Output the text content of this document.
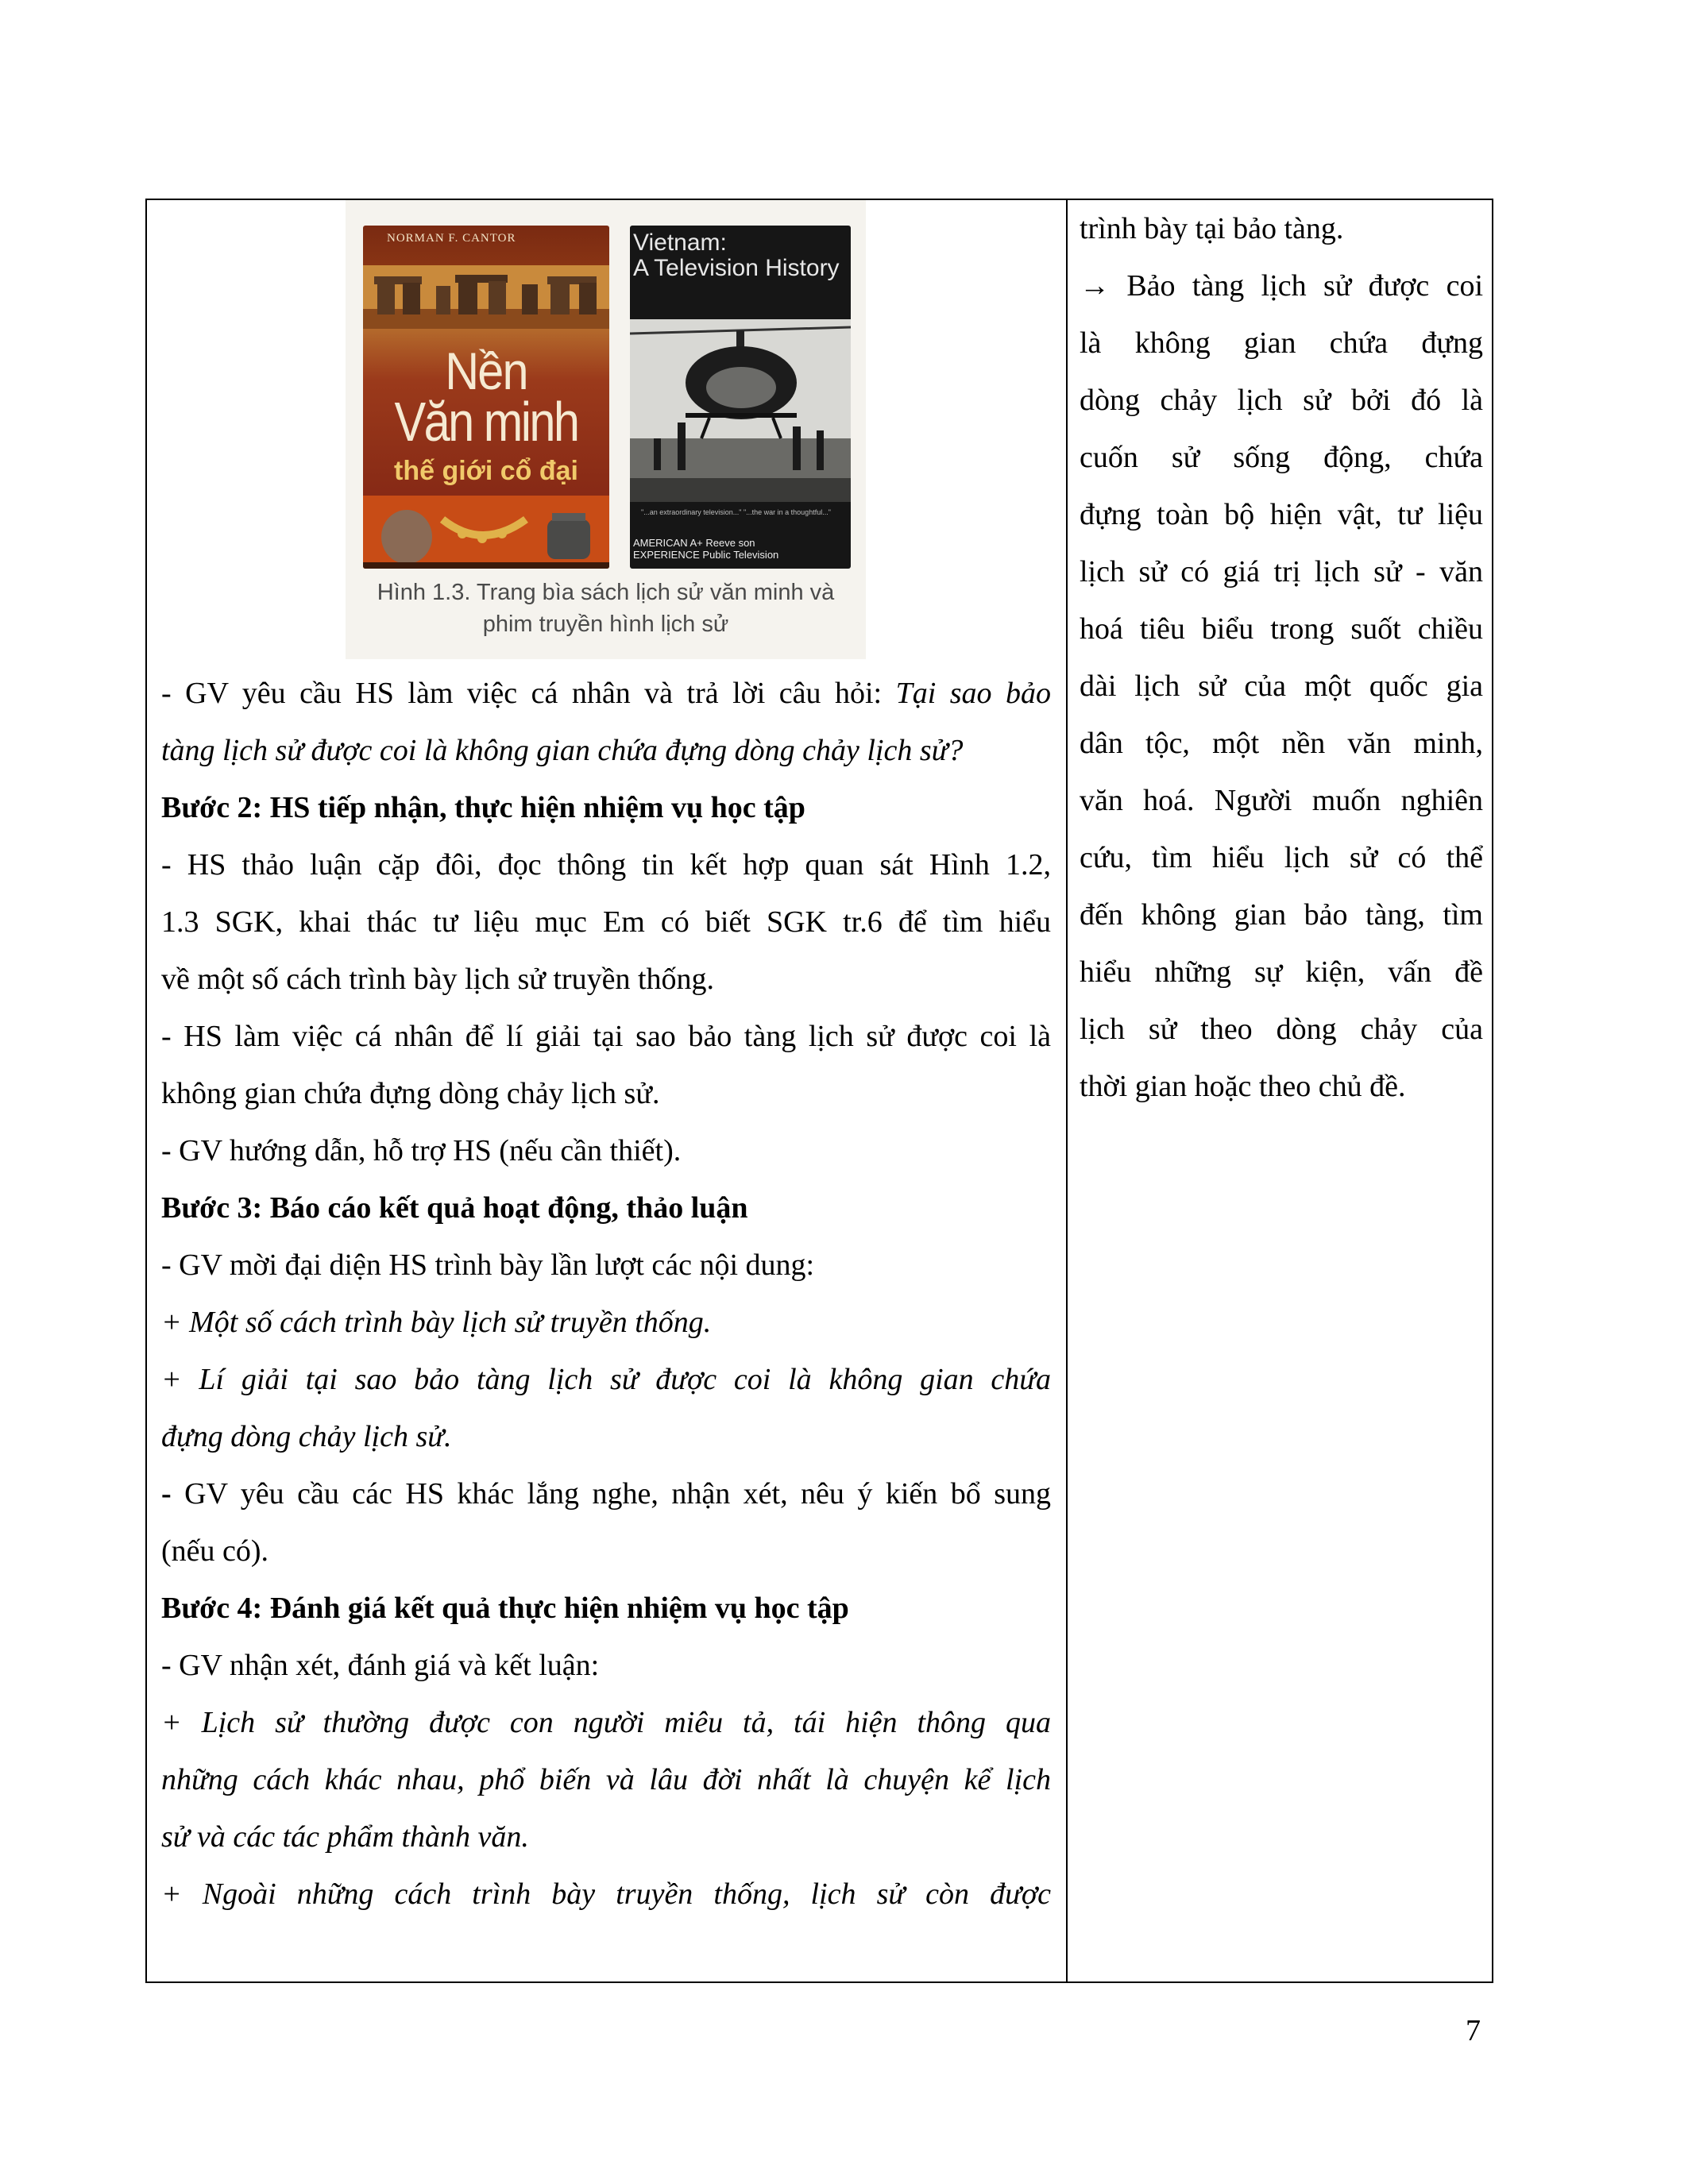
NORMAN F. CANTOR
Nền
Văn minh
thế giới cổ đại
Vietnam:
A Television History
"...an extraordinary television..." "...the war in a thoughtful..."
AMERICAN A+ Reeve son
EXPERIENCE Public Television
Hình 1.3. Trang bìa sách lịch sử văn minh và
phim truyền hình lịch sử

- GV yêu cầu HS làm việc cá nhân và trả lời câu hỏi: Tại sao bảo

tàng lịch sử được coi là không gian chứa đựng dòng chảy lịch sử?

Bước 2: HS tiếp nhận, thực hiện nhiệm vụ học tập

- HS thảo luận cặp đôi, đọc thông tin kết hợp quan sát Hình 1.2,

1.3 SGK, khai thác tư liệu mục Em có biết SGK tr.6 để tìm hiểu

về một số cách trình bày lịch sử truyền thống.

- HS làm việc cá nhân để lí giải tại sao bảo tàng lịch sử được coi là

không gian chứa đựng dòng chảy lịch sử.

- GV hướng dẫn, hỗ trợ HS (nếu cần thiết).

Bước 3: Báo cáo kết quả hoạt động, thảo luận

- GV mời đại diện HS trình bày lần lượt các nội dung:

+ Một số cách trình bày lịch sử truyền thống.

+ Lí giải tại sao bảo tàng lịch sử được coi là không gian chứa

đựng dòng chảy lịch sử.

- GV yêu cầu các HS khác lắng nghe, nhận xét, nêu ý kiến bổ sung

(nếu có).

Bước 4: Đánh giá kết quả thực hiện nhiệm vụ học tập

- GV nhận xét, đánh giá và kết luận:

+ Lịch sử thường được con người miêu tả, tái hiện thông qua

những cách khác nhau, phổ biến và lâu đời nhất là chuyện kể lịch

sử và các tác phẩm thành văn.

+ Ngoài những cách trình bày truyền thống, lịch sử còn được

trình bày tại bảo tàng.

→ Bảo tàng lịch sử được coi

là không gian chứa đựng

dòng chảy lịch sử bởi đó là

cuốn sử sống động, chứa

đựng toàn bộ hiện vật, tư liệu

lịch sử có giá trị lịch sử - văn

hoá tiêu biểu trong suốt chiều

dài lịch sử của một quốc gia

dân tộc, một nền văn minh,

văn hoá. Người muốn nghiên

cứu, tìm hiểu lịch sử có thể

đến không gian bảo tàng, tìm

hiểu những sự kiện, vấn đề

lịch sử theo dòng chảy của

thời gian hoặc theo chủ đề.

7
